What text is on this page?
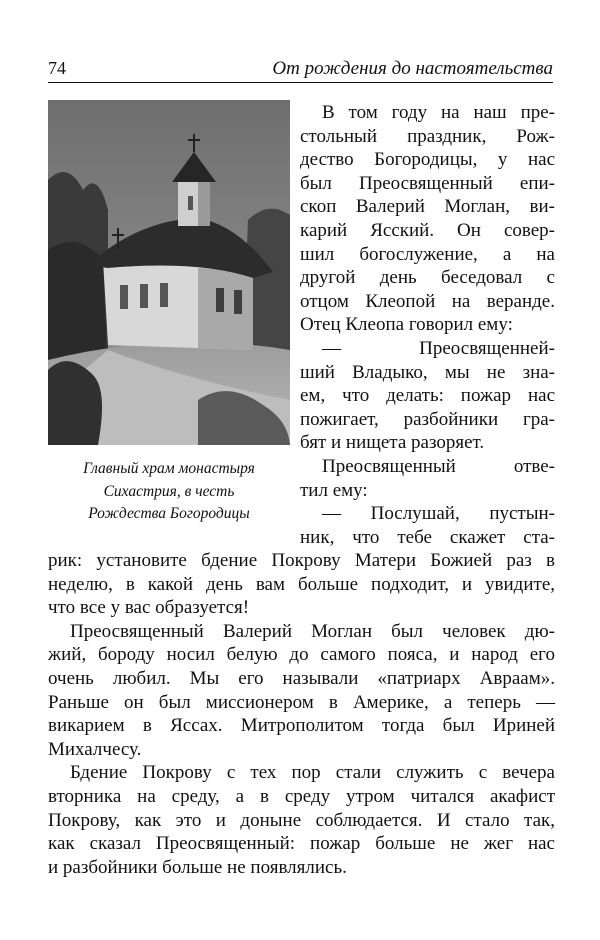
74	От рождения до настоятельства
Главный храм монастыря
Сихастрия, в честь
Рождества Богородицы
В том году на наш пре-
стольный праздник, Рож-
дество Богородицы, у нас
был Преосвященный епи-
скоп Валерий Моглан, ви-
карий Ясский. Он совер-
шил богослужение, а на
другой день беседовал с
отцом Клеопой на веранде.
Отец Клеопа говорил ему:
— Преосвященней-
ший Владыко, мы не зна-
ем, что делать: пожар нас
пожигает, разбойники гра-
бят и нищета разоряет.
Преосвященный отве-
тил ему:
— Послушай, пустын-
ник, что тебе скажет ста-
рик: установите бдение Покрову Матери Божией раз в
неделю, в какой день вам больше подходит, и увидите,
что все у вас образуется!
Преосвященный Валерий Моглан был человек дю-
жий, бороду носил белую до самого пояса, и народ его
очень любил. Мы его называли «патриарх Авраам».
Раньше он был миссионером в Америке, а теперь —
викарием в Яссах. Митрополитом тогда был Ириней
Михалчесу.
Бдение Покрову с тех пор стали служить с вечера
вторника на среду, а в среду утром читался акафист
Покрову, как это и доныне соблюдается. И стало так,
как сказал Преосвященный: пожар больше не жег нас
и разбойники больше не появлялись.
